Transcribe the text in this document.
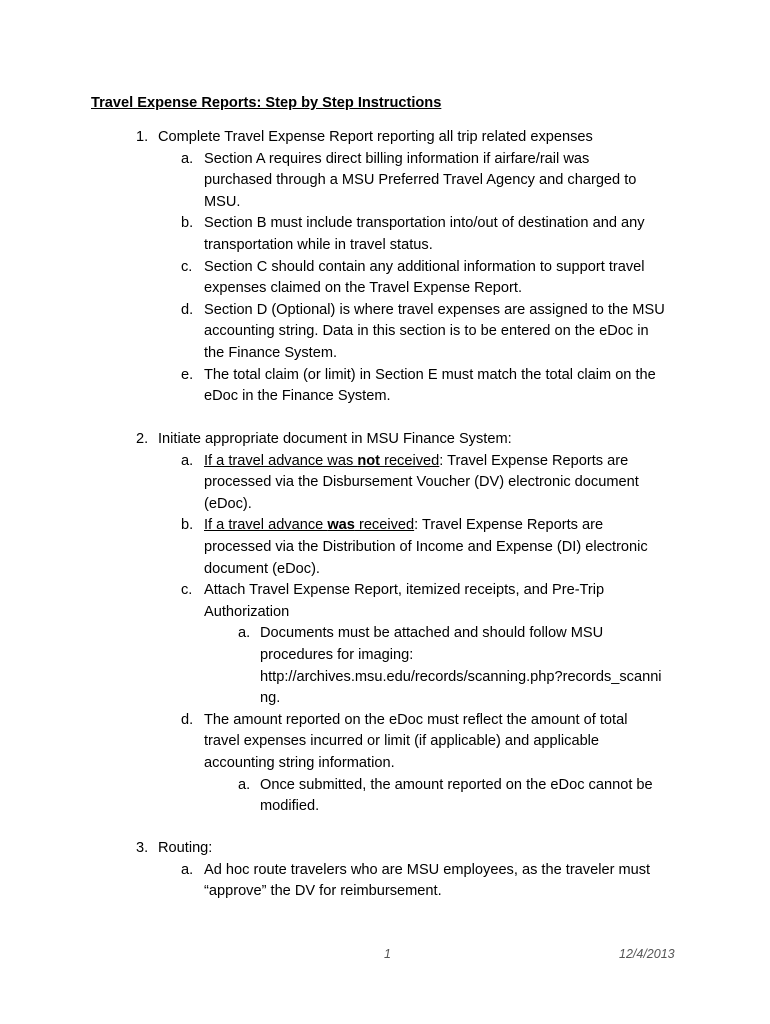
Travel Expense Reports: Step by Step Instructions
1. Complete Travel Expense Report reporting all trip related expenses
a. Section A requires direct billing information if airfare/rail was
purchased through a MSU Preferred Travel Agency and charged to
MSU.
b. Section B must include transportation into/out of destination and any
transportation while in travel status.
c. Section C should contain any additional information to support travel
expenses claimed on the Travel Expense Report.
d. Section D (Optional) is where travel expenses are assigned to the MSU
accounting string. Data in this section is to be entered on the eDoc in
the Finance System.
e. The total claim (or limit) in Section E must match the total claim on the
eDoc in the Finance System.
2. Initiate appropriate document in MSU Finance System:
a. If a travel advance was not received: Travel Expense Reports are
processed via the Disbursement Voucher (DV) electronic document
(eDoc).
b. If a travel advance was received: Travel Expense Reports are
processed via the Distribution of Income and Expense (DI) electronic
document (eDoc).
c. Attach Travel Expense Report, itemized receipts, and Pre-Trip
Authorization
a. Documents must be attached and should follow MSU
procedures for imaging:
http://archives.msu.edu/records/scanning.php?records_scanni
ng.
d. The amount reported on the eDoc must reflect the amount of total
travel expenses incurred or limit (if applicable) and applicable
accounting string information.
a. Once submitted, the amount reported on the eDoc cannot be
modified.
3. Routing:
a. Ad hoc route travelers who are MSU employees, as the traveler must
“approve” the DV for reimbursement.
1	12/4/2013
